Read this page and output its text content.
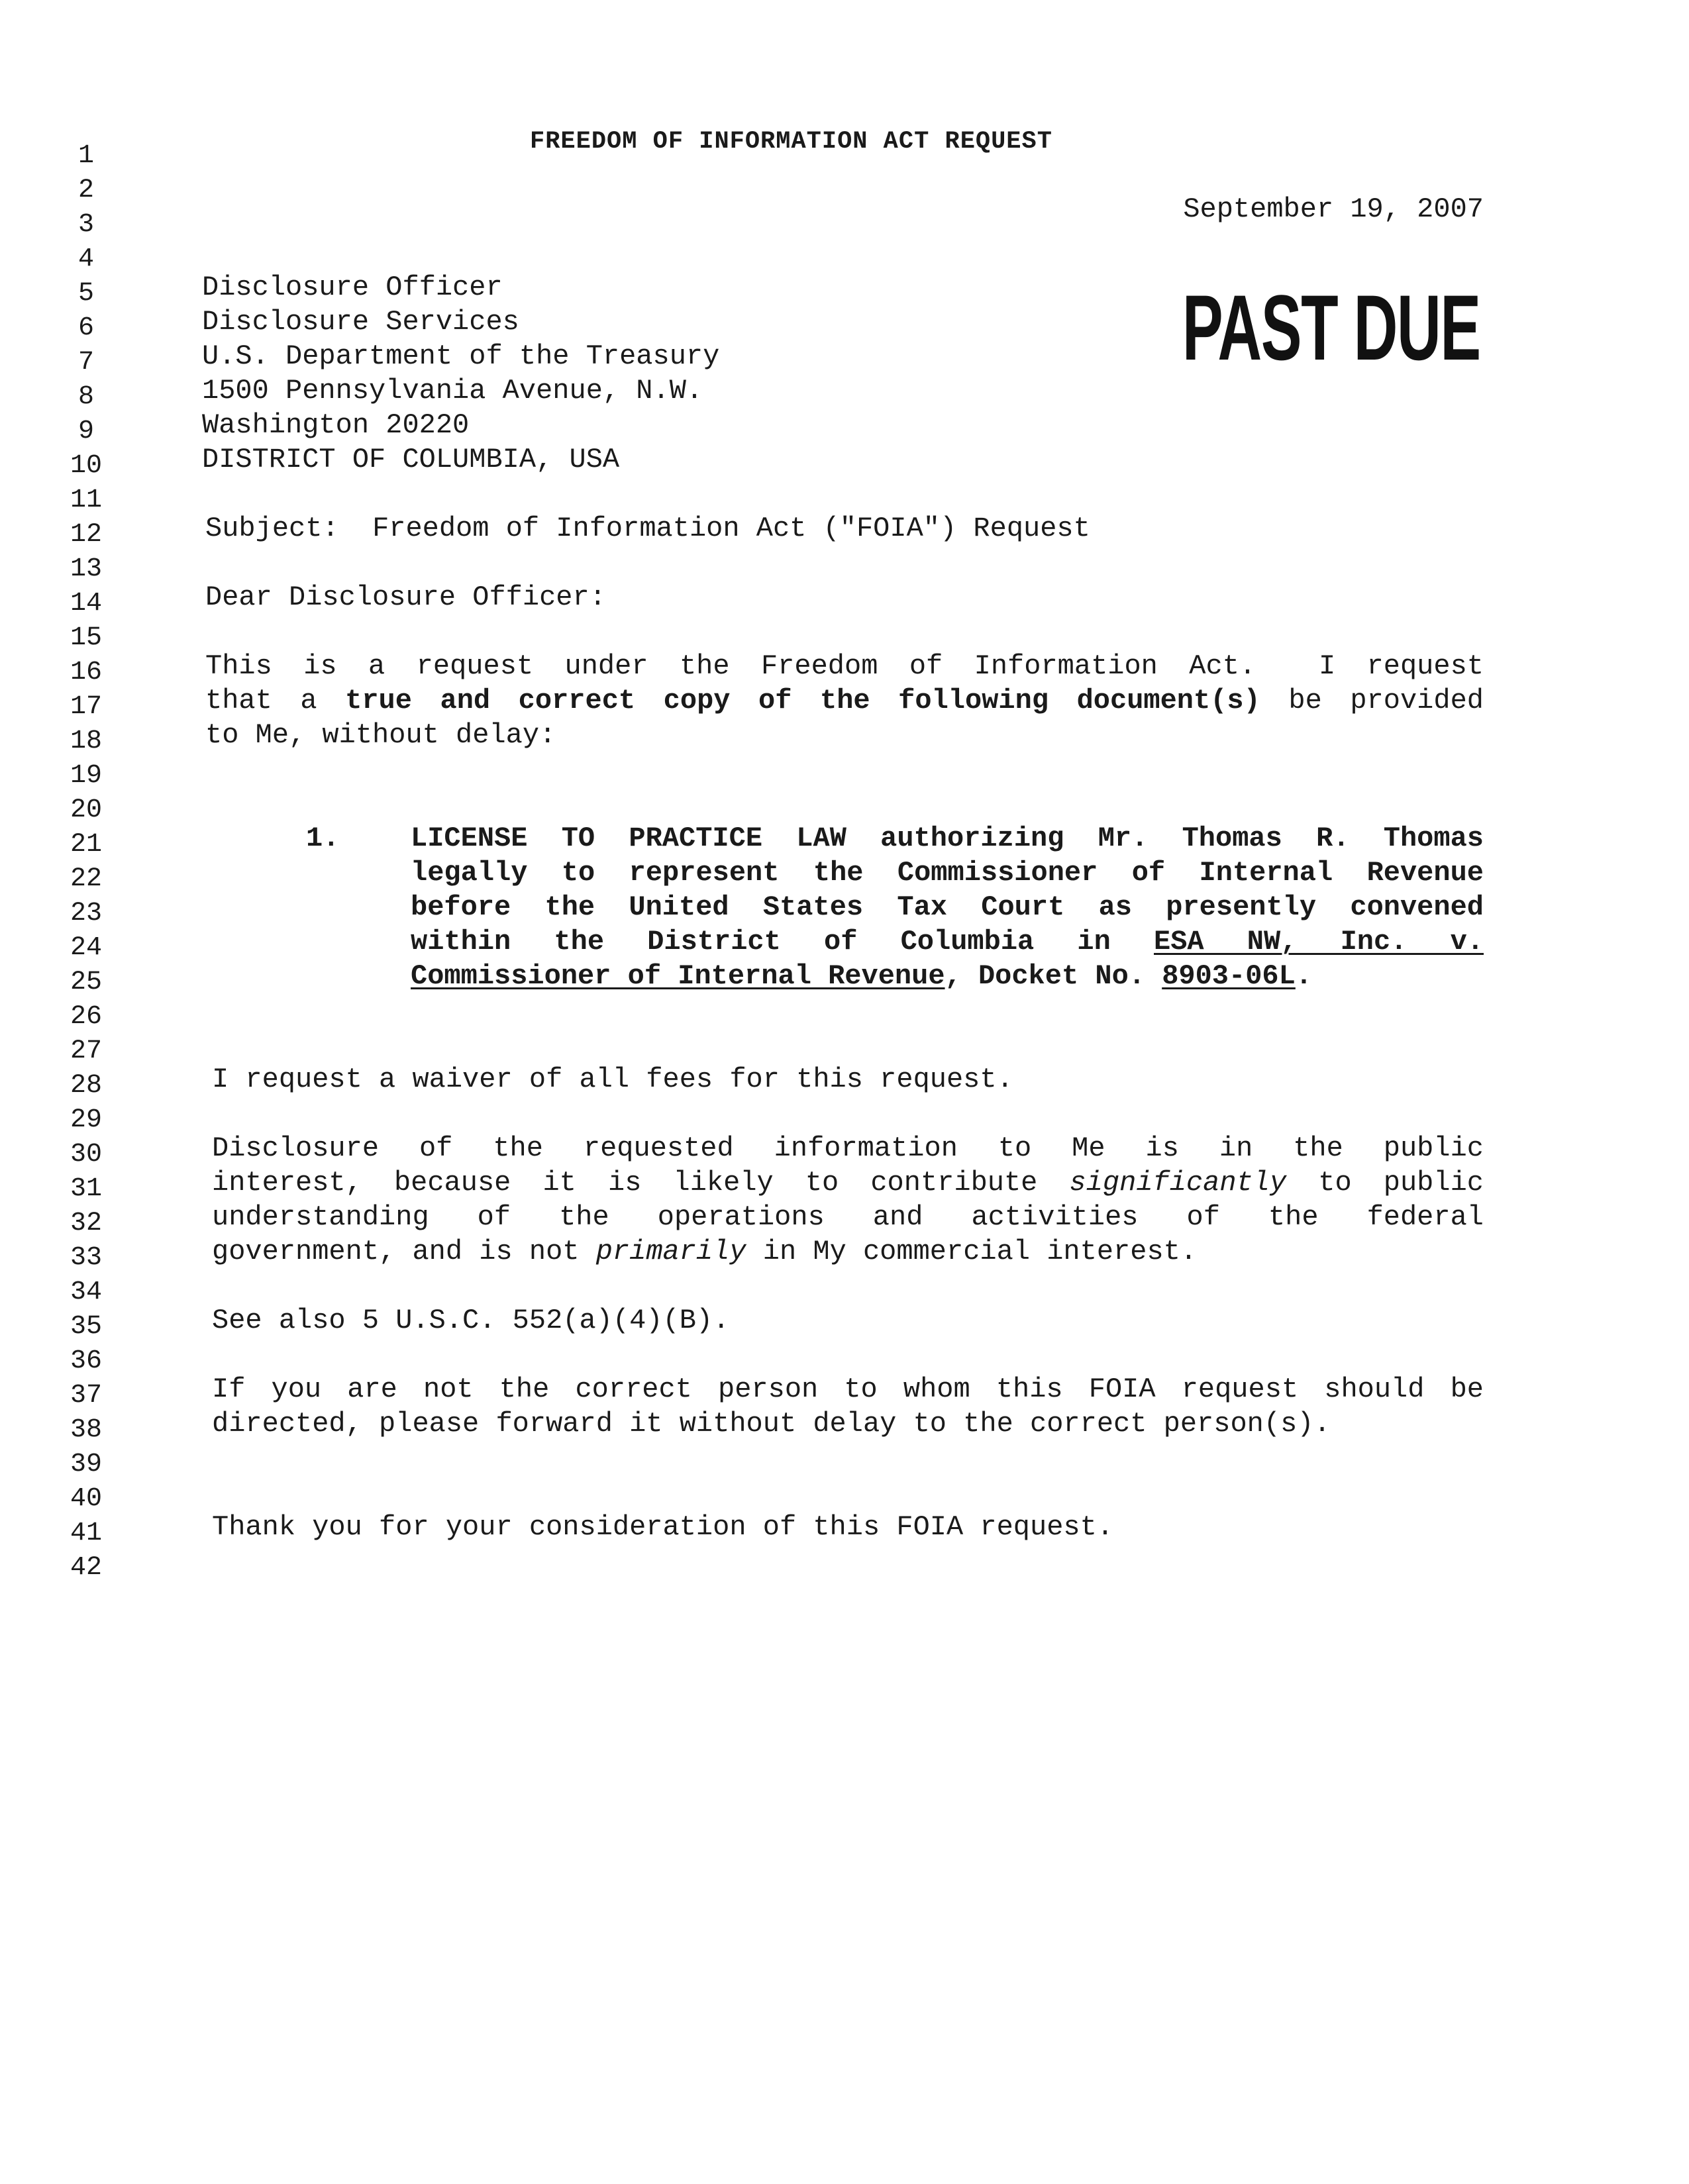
1
2
3
4
5
6
7
8
9
10
11
12
13
14
15
16
17
18
19
20
21
22
23
24
25
26
27
28
29
30
31
32
33
34
35
36
37
38
39
40
41
42
FREEDOM OF INFORMATION ACT REQUEST
September 19, 2007
PAST DUE
Disclosure Officer
Disclosure Services
U.S. Department of the Treasury
1500 Pennsylvania Avenue, N.W.
Washington 20220
DISTRICT OF COLUMBIA, USA
Subject: Freedom of Information Act ("FOIA") Request
Dear Disclosure Officer:
This is a request under the Freedom of Information Act.  I request
that a true and correct copy of the following document(s) be provided
to Me, without delay:
1.	LICENSE TO PRACTICE LAW authorizing Mr. Thomas R. Thomas
legally to represent the Commissioner of Internal Revenue
before the United States Tax Court as presently convened
within the District of Columbia in ESA NW, Inc. v.
Commissioner of Internal Revenue, Docket No. 8903-06L.
I request a waiver of all fees for this request.
Disclosure of the requested information to Me is in the public
interest, because it is likely to contribute significantly to public
understanding of the operations and activities of the federal
government, and is not primarily in My commercial interest.
See also 5 U.S.C. 552(a)(4)(B).
If you are not the correct person to whom this FOIA request should be
directed, please forward it without delay to the correct person(s).
Thank you for your consideration of this FOIA request.
